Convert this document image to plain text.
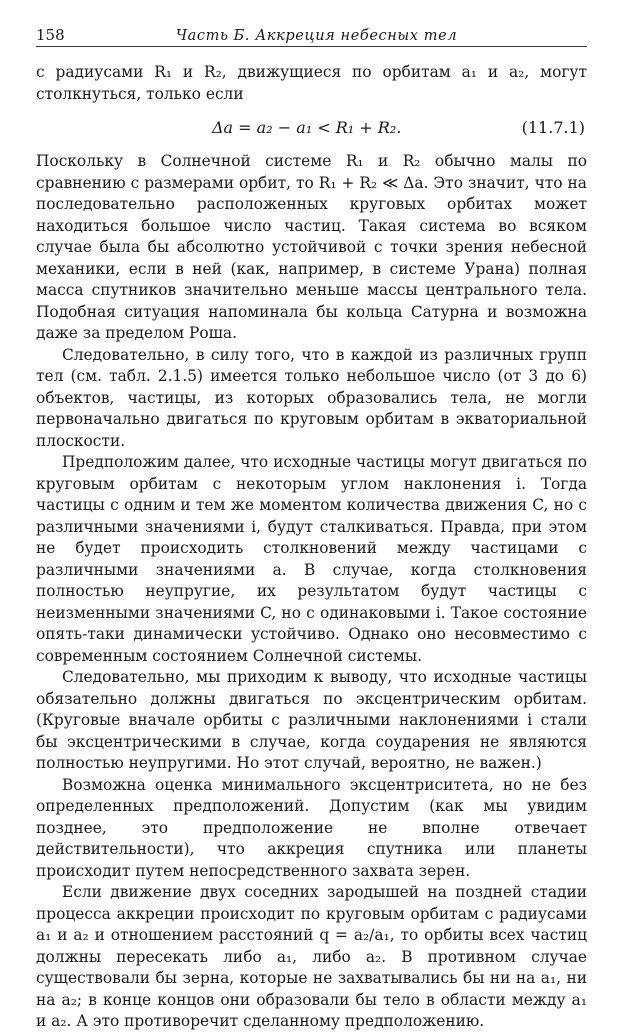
158	Часть Б. Аккреция небесных тел

с радиусами R₁ и R₂, движущиеся по орбитам a₁ и a₂, могут столкнуться, только если

Δa = a₂ − a₁ < R₁ + R₂.	(11.7.1)

Поскольку в Солнечной системе R₁ и R₂ обычно малы по сравнению с размерами орбит, то R₁ + R₂ ≪ Δa. Это значит, что на последовательно расположенных круговых орбитах может находиться большое число частиц. Такая система во всяком случае была бы абсолютно устойчивой с точки зрения небесной механики, если в ней (как, например, в системе Урана) полная масса спутников значительно меньше массы центрального тела. Подобная ситуация напоминала бы кольца Сатурна и возможна даже за пределом Роша.

Следовательно, в силу того, что в каждой из различных групп тел (см. табл. 2.1.5) имеется только небольшое число (от 3 до 6) объектов, частицы, из которых образовались тела, не могли первоначально двигаться по круговым орбитам в экваториальной плоскости.

Предположим далее, что исходные частицы могут двигаться по круговым орбитам с некоторым углом наклонения i. Тогда частицы с одним и тем же моментом количества движения C, но с различными значениями i, будут сталкиваться. Правда, при этом не будет происходить столкновений между частицами с различными значениями a. В случае, когда столкновения полностью неупругие, их результатом будут частицы с неизменными значениями C, но с одинаковыми i. Такое состояние опять-таки динамически устойчиво. Однако оно несовместимо с современным состоянием Солнечной системы.

Следовательно, мы приходим к выводу, что исходные частицы обязательно должны двигаться по эксцентрическим орбитам. (Круговые вначале орбиты с различными наклонениями i стали бы эксцентрическими в случае, когда соударения не являются полностью неупругими. Но этот случай, вероятно, не важен.)

Возможна оценка минимального эксцентриситета, но не без определенных предположений. Допустим (как мы увидим позднее, это предположение не вполне отвечает действительности), что аккреция спутника или планеты происходит путем непосредственного захвата зерен.

Если движение двух соседних зародышей на поздней стадии процесса аккреции происходит по круговым орбитам с радиусами a₁ и a₂ и отношением расстояний q = a₂/a₁, то орбиты всех частиц должны пересекать либо a₁, либо a₂. В противном случае существовали бы зерна, которые не захватывались бы ни на a₁, ни на a₂; в конце концов они образовали бы тело в области между a₁ и a₂. А это противоречит сделанному предположению.
